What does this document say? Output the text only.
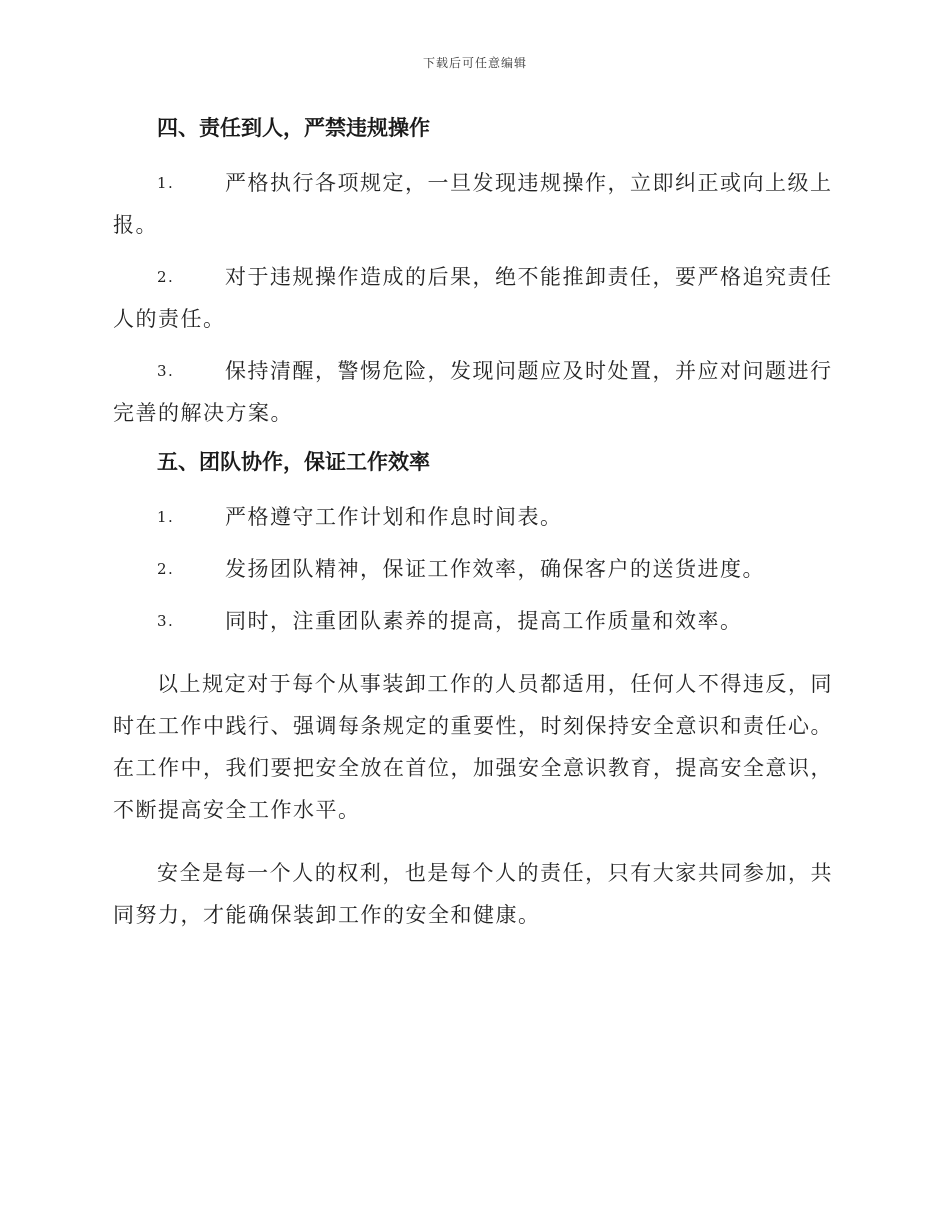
下载后可任意编辑
四、责任到人，严禁违规操作
1. 严格执行各项规定，一旦发现违规操作，立即纠正或向上级上报。
2. 对于违规操作造成的后果，绝不能推卸责任，要严格追究责任人的责任。
3. 保持清醒，警惕危险，发现问题应及时处置，并应对问题进行完善的解决方案。
五、团队协作，保证工作效率
1.	严格遵守工作计划和作息时间表。
2.	发扬团队精神，保证工作效率，确保客户的送货进度。
3.	同时，注重团队素养的提高，提高工作质量和效率。

以上规定对于每个从事装卸工作的人员都适用，任何人不得违反，同时在工作中践行、强调每条规定的重要性，时刻保持安全意识和责任心。在工作中，我们要把安全放在首位，加强安全意识教育，提高安全意识，不断提高安全工作水平。

安全是每一个人的权利，也是每个人的责任，只有大家共同参加，共同努力，才能确保装卸工作的安全和健康。
